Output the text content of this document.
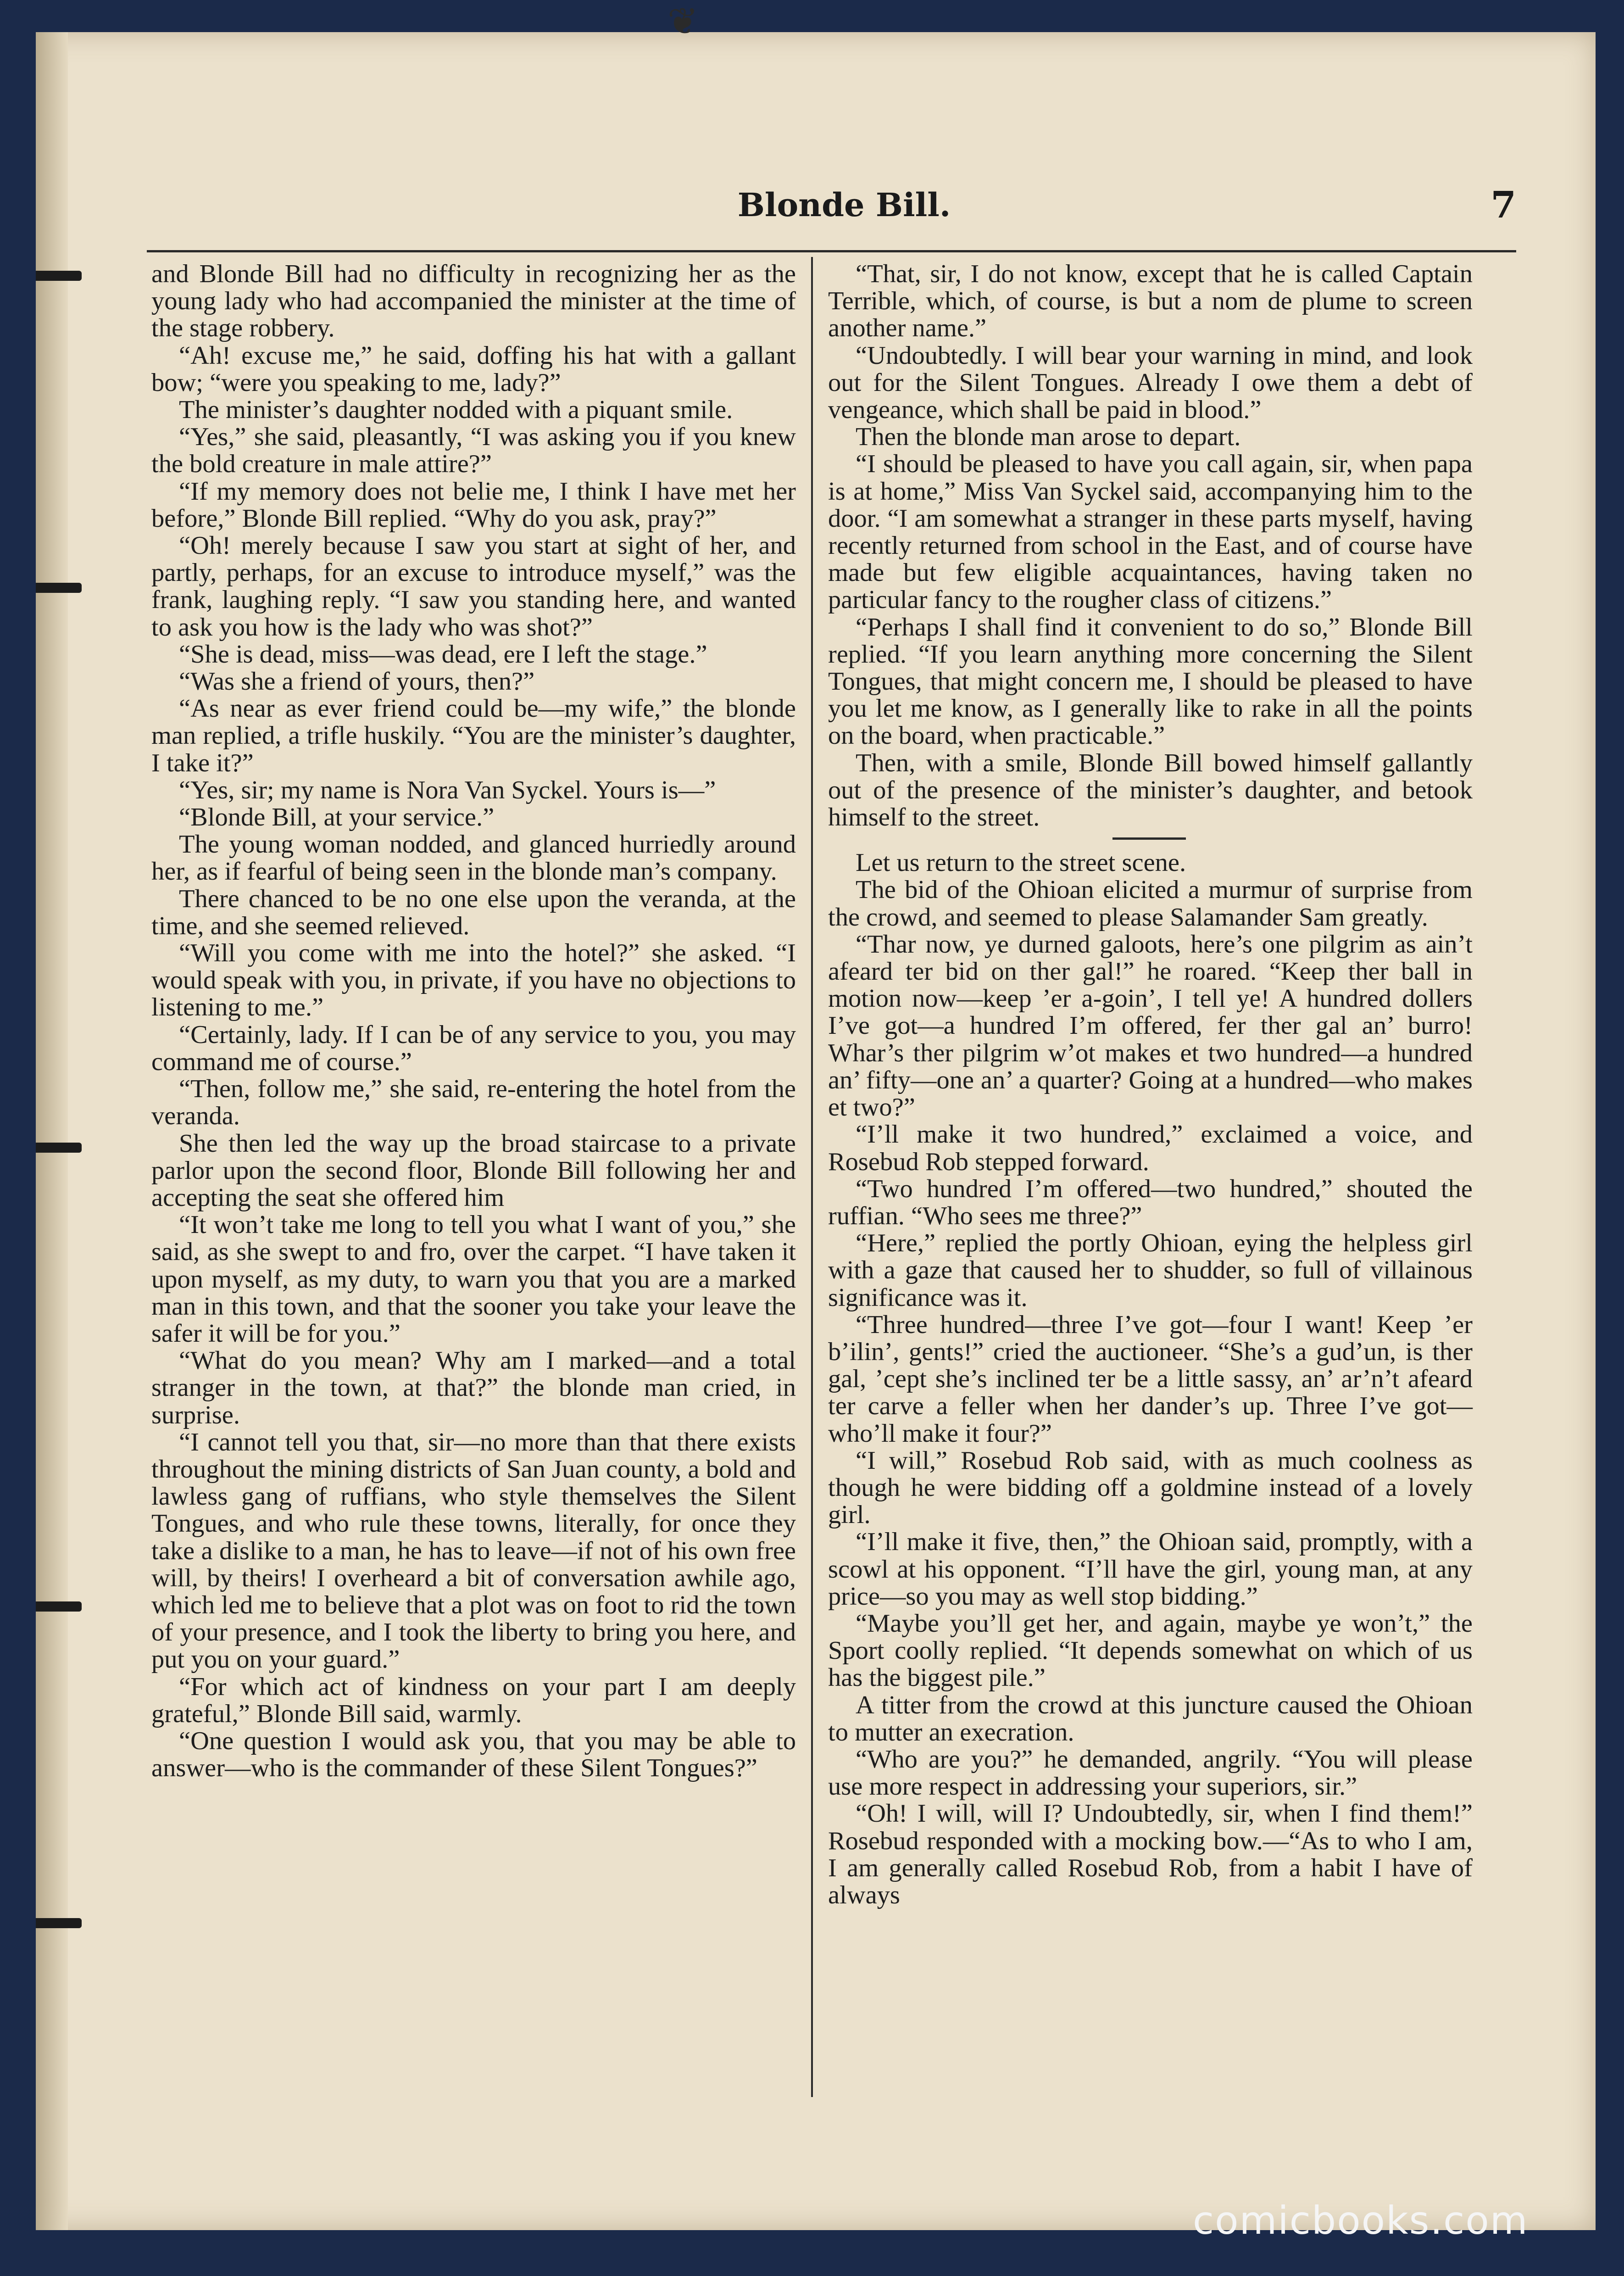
❦
Blonde Bill.	7

and Blonde Bill had no difficulty in recognizing her as the young lady who had accompanied the minister at the time of the stage robbery.

“Ah! excuse me,” he said, doffing his hat with a gallant bow; “were you speaking to me, lady?”

The minister’s daughter nodded with a piquant smile.

“Yes,” she said, pleasantly, “I was asking you if you knew the bold creature in male attire?”

“If my memory does not belie me, I think I have met her before,” Blonde Bill replied. “Why do you ask, pray?”

“Oh! merely because I saw you start at sight of her, and partly, perhaps, for an excuse to introduce myself,” was the frank, laughing reply. “I saw you standing here, and wanted to ask you how is the lady who was shot?”

“She is dead, miss—was dead, ere I left the stage.”

“Was she a friend of yours, then?”

“As near as ever friend could be—my wife,” the blonde man replied, a trifle huskily. “You are the minister’s daughter, I take it?”

“Yes, sir; my name is Nora Van Syckel. Yours is—”

“Blonde Bill, at your service.”

The young woman nodded, and glanced hurriedly around her, as if fearful of being seen in the blonde man’s company.

There chanced to be no one else upon the veranda, at the time, and she seemed relieved.

“Will you come with me into the hotel?” she asked. “I would speak with you, in private, if you have no objections to listening to me.”

“Certainly, lady. If I can be of any service to you, you may command me of course.”

“Then, follow me,” she said, re-entering the hotel from the veranda.

She then led the way up the broad staircase to a private parlor upon the second floor, Blonde Bill following her and accepting the seat she offered him

“It won’t take me long to tell you what I want of you,” she said, as she swept to and fro, over the carpet. “I have taken it upon myself, as my duty, to warn you that you are a marked man in this town, and that the sooner you take your leave the safer it will be for you.”

“What do you mean? Why am I marked—and a total stranger in the town, at that?” the blonde man cried, in surprise.

“I cannot tell you that, sir—no more than that there exists throughout the mining districts of San Juan county, a bold and lawless gang of ruffians, who style themselves the Silent Tongues, and who rule these towns, literally, for once they take a dislike to a man, he has to leave—if not of his own free will, by theirs! I overheard a bit of conversation awhile ago, which led me to believe that a plot was on foot to rid the town of your presence, and I took the liberty to bring you here, and put you on your guard.”

“For which act of kindness on your part I am deeply grateful,” Blonde Bill said, warmly.

“One question I would ask you, that you may be able to answer—who is the commander of these Silent Tongues?”

“That, sir, I do not know, except that he is called Captain Terrible, which, of course, is but a nom de plume to screen another name.”

“Undoubtedly. I will bear your warning in mind, and look out for the Silent Tongues. Already I owe them a debt of vengeance, which shall be paid in blood.”

Then the blonde man arose to depart.

“I should be pleased to have you call again, sir, when papa is at home,” Miss Van Syckel said, accompanying him to the door. “I am somewhat a stranger in these parts myself, having recently returned from school in the East, and of course have made but few eligible acquaintances, having taken no particular fancy to the rougher class of citizens.”

“Perhaps I shall find it convenient to do so,” Blonde Bill replied. “If you learn anything more concerning the Silent Tongues, that might concern me, I should be pleased to have you let me know, as I generally like to rake in all the points on the board, when practicable.”

Then, with a smile, Blonde Bill bowed himself gallantly out of the presence of the minister’s daughter, and betook himself to the street.

Let us return to the street scene.

The bid of the Ohioan elicited a murmur of surprise from the crowd, and seemed to please Salamander Sam greatly.

“Thar now, ye durned galoots, here’s one pilgrim as ain’t afeard ter bid on ther gal!” he roared. “Keep ther ball in motion now—keep ’er a-goin’, I tell ye! A hundred dollers I’ve got—a hundred I’m offered, fer ther gal an’ burro! Whar’s ther pilgrim w’ot makes et two hundred—a hundred an’ fifty—one an’ a quarter? Going at a hundred—who makes et two?”

“I’ll make it two hundred,” exclaimed a voice, and Rosebud Rob stepped forward.

“Two hundred I’m offered—two hundred,” shouted the ruffian. “Who sees me three?”

“Here,” replied the portly Ohioan, eying the helpless girl with a gaze that caused her to shudder, so full of villainous significance was it.

“Three hundred—three I’ve got—four I want! Keep ’er b’ilin’, gents!” cried the auctioneer. “She’s a gud’un, is ther gal, ’cept she’s inclined ter be a little sassy, an’ ar’n’t afeard ter carve a feller when her dander’s up. Three I’ve got—who’ll make it four?”

“I will,” Rosebud Rob said, with as much coolness as though he were bidding off a goldmine instead of a lovely girl.

“I’ll make it five, then,” the Ohioan said, promptly, with a scowl at his opponent. “I’ll have the girl, young man, at any price—so you may as well stop bidding.”

“Maybe you’ll get her, and again, maybe ye won’t,” the Sport coolly replied. “It depends somewhat on which of us has the biggest pile.”

A titter from the crowd at this juncture caused the Ohioan to mutter an execration.

“Who are you?” he demanded, angrily. “You will please use more respect in addressing your superiors, sir.”

“Oh! I will, will I? Undoubtedly, sir, when I find them!” Rosebud responded with a mocking bow.—“As to who I am, I am generally called Rosebud Rob, from a habit I have of always

comicbooks.com
